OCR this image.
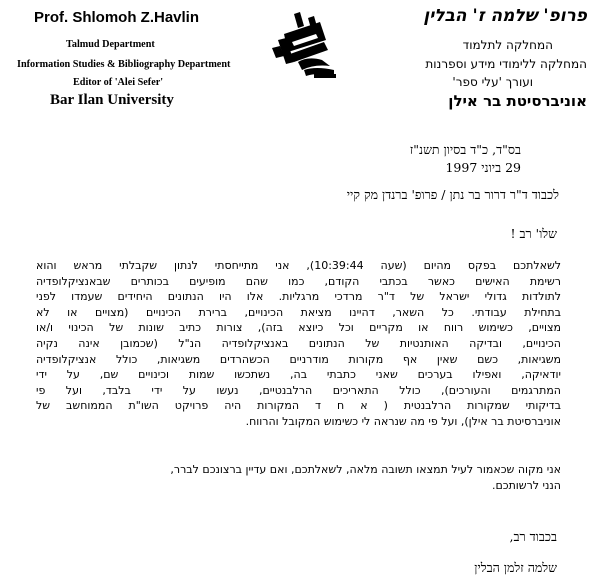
Prof. Shlomoh Z.Havlin
Talmud Department
Information Studies & Bibliography Department
Editor of 'Alei Sefer'
Bar Ilan University
פרופ' שלמה ז' הבלין
המחלקה לתלמוד
המחלקה ללימודי מידע וספרנות
ועורך 'עלי ספר'
אוניברסיטת בר אילן
בס"ד, כ"ד בסיון תשנ"ז
29 ביוני 1997
לכבוד ד"ר דרור בר נתן / פרופ' ברנדן מק קיי
שלו' רב !
לשאלתכם בפקס מהיום (שעה 10:39:44), אני מתייחסתי לנתון שקבלתי מראש והוא
רשימת האישים כאשר בכתבי הקודם, כמו שהם מופיעים בכותרים שבאנציקלופדיה
לתולדות גדולי ישראל של ד"ר מרדכי מרגליות. אלו היו הנתונים היחידים שעמדו לפני
בתחילת עבודתי. כל השאר, דהיינו מציאת הכינויים, ברירת הכינויים (מצויים או לא
מצויים, כשימוש רווח או מקריים וכל כיוצא בזה), צורות כתיב שונות של הכינוי ו/או
הכינויים, ובדיקה האותנטיות של הנתונים באנציקלופדיה הנ"ל (שכמובן אינה נקיה
משגיאות, כשם שאין אף מקורות מודרניים הכשהרדים משגיאות, כולל אנציקלופדיה
יודאיקה, ואפילו בערכים שאני כתבתי בה, נשתכשו שמות וכינויים שם, על ידי
המתרגמים והעורכים), כולל התאריכים הרלבנטיים, נעשו על ידי בלבד, ועל פי
בדיקותי שמקורות הרלבנטית ( א ח ד המקורות היה פרויקט השו"ת הממוחשב של
אוניברסיטת בר אילן), ועל פי מה שנראה לי כשימוש המקובל והרווח.
אני מקוה שכאמור לעיל תמצאו תשובה מלאה, לשאלתכם, ואם עדיין ברצונכם לברר,
הנני לרשותכם.
בכבוד רב,
שלמה זלמן הבלין
